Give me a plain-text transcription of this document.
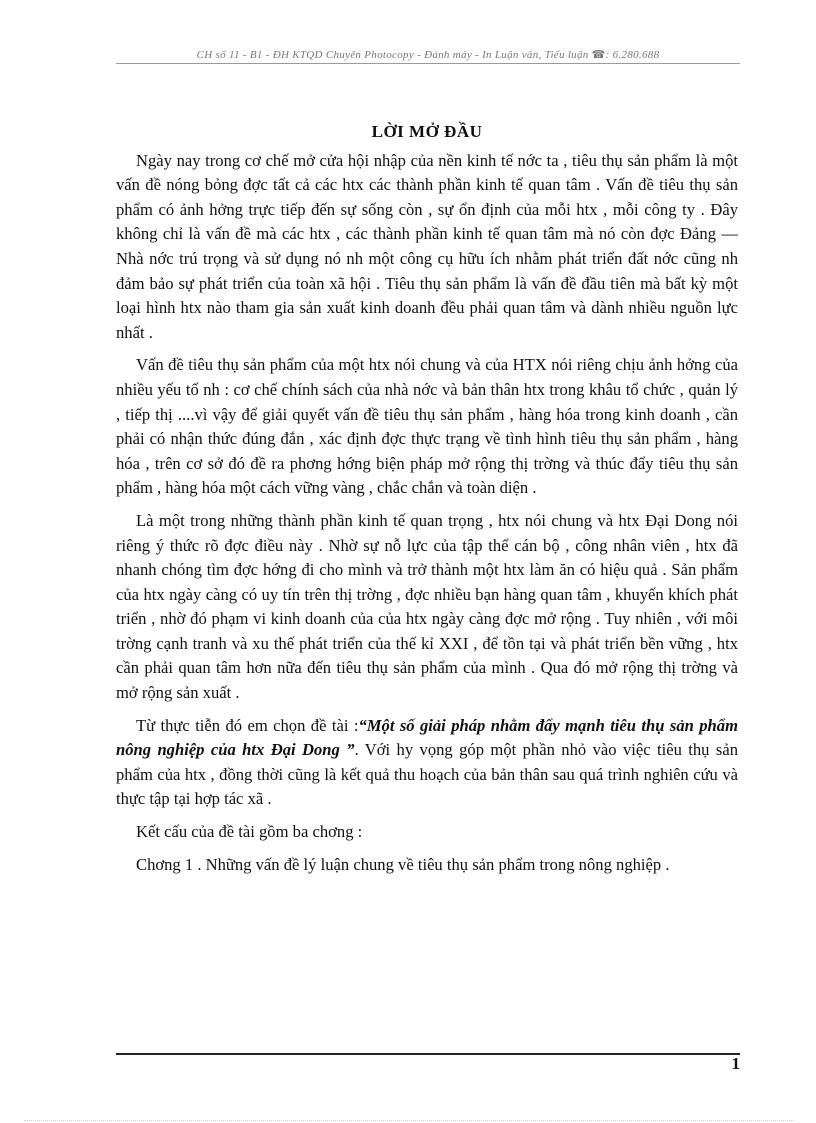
CH số 11 - B1 - ĐH KTQD Chuyên Photocopy - Đánh máy - In Luận văn, Tiểu luận ☎: 6.280.688
LỜI MỞ ĐẦU

Ngày nay trong cơ chế mở cửa hội nhập của nền kinh tế nớc ta , tiêu thụ sản phẩm là một vấn đề nóng bỏng đợc tất cả các htx các thành phần kinh tế quan tâm . Vấn đề tiêu thụ sản phẩm có ảnh hởng trực tiếp đến sự sống còn , sự ổn định của mỗi htx , mỗi công ty . Đây không chỉ là vấn đề mà các htx , các thành phần kinh tế quan tâm mà nó còn đợc Đảng — Nhà nớc trú trọng và sử dụng nó nh một công cụ hữu ích nhằm phát triển đất nớc cũng nh đảm bảo sự phát triển của toàn xã hội . Tiêu thụ sản phẩm là vấn đề đầu tiên mà bất kỳ một loại hình htx nào tham gia sản xuất kinh doanh đều phải quan tâm và dành nhiều nguồn lực nhất .

Vấn đề tiêu thụ sản phẩm của một htx nói chung và của HTX nói riêng chịu ảnh hởng của nhiều yếu tố nh : cơ chế chính sách của nhà nớc và bản thân htx trong khâu tổ chức , quản lý , tiếp thị ....vì vậy để giải quyết vấn đề tiêu thụ sản phẩm , hàng hóa trong kinh doanh , cần phải có nhận thức đúng đắn , xác định đợc thực trạng về tình hình tiêu thụ sản phẩm , hàng hóa , trên cơ sở đó đề ra phơng hớng biện pháp mở rộng thị trờng và thúc đẩy tiêu thụ sản phẩm , hàng hóa một cách vững vàng , chắc chắn và toàn diện .

Là một trong những thành phần kinh tế quan trọng , htx nói chung và htx Đại Dong nói riêng ý thức rõ đợc điều này . Nhờ sự nỗ lực của tập thể cán bộ , công nhân viên , htx đã nhanh chóng tìm đợc hớng đi cho mình và trở thành một htx làm ăn có hiệu quả . Sản phẩm của htx ngày càng có uy tín trên thị trờng , đợc nhiều bạn hàng quan tâm , khuyến khích phát triển , nhờ đó phạm vi kinh doanh của của htx ngày càng đợc mở rộng . Tuy nhiên , với môi trờng cạnh tranh và xu thế phát triển của thế kỉ XXI , để tồn tại và phát triển bền vững , htx cần phải quan tâm hơn nữa đến tiêu thụ sản phẩm của mình . Qua đó mở rộng thị trờng và mở rộng sản xuất .

Từ thực tiễn đó em chọn đề tài :“Một số giải pháp nhằm đẩy mạnh tiêu thụ sản phẩm nông nghiệp của htx Đại Dong ”. Với hy vọng góp một phần nhỏ vào việc tiêu thụ sản phẩm của htx , đồng thời cũng là kết quả thu hoạch của bản thân sau quá trình nghiên cứu và thực tập tại hợp tác xã .

Kết cấu của đề tài gồm ba chơng :

Chơng 1 . Những vấn đề lý luận chung về tiêu thụ sản phẩm trong nông nghiệp .

1
